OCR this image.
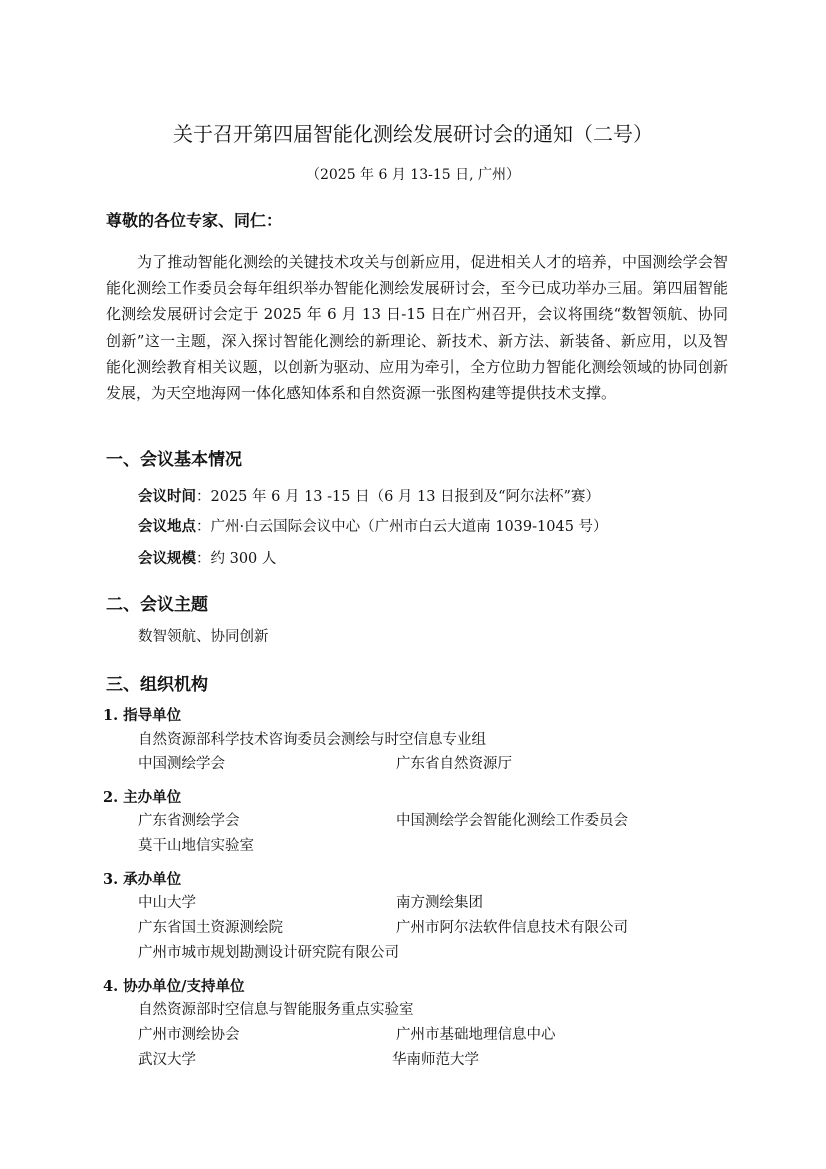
关于召开第四届智能化测绘发展研讨会的通知（二号）
（2025 年 6 月 13-15 日, 广州）
尊敬的各位专家、同仁：
为了推动智能化测绘的关键技术攻关与创新应用，促进相关人才的培养，中国测绘学会智能化测绘工作委员会每年组织举办智能化测绘发展研讨会，至今已成功举办三届。第四届智能化测绘发展研讨会定于 2025 年 6 月 13 日-15 日在广州召开，会议将围绕“数智领航、协同创新”这一主题，深入探讨智能化测绘的新理论、新技术、新方法、新装备、新应用，以及智能化测绘教育相关议题，以创新为驱动、应用为牵引，全方位助力智能化测绘领域的协同创新发展，为天空地海网一体化感知体系和自然资源一张图构建等提供技术支撑。
一、会议基本情况
会议时间：2025 年 6 月 13 -15 日（6 月 13 日报到及“阿尔法杯”赛）
会议地点：广州·白云国际会议中心（广州市白云大道南 1039-1045 号）
会议规模：约 300 人
二、会议主题
数智领航、协同创新
三、组织机构
1. 指导单位
自然资源部科学技术咨询委员会测绘与时空信息专业组
中国测绘学会	广东省自然资源厅
2. 主办单位
广东省测绘学会	中国测绘学会智能化测绘工作委员会
莫干山地信实验室
3. 承办单位
中山大学	南方测绘集团
广东省国土资源测绘院	广州市阿尔法软件信息技术有限公司
广州市城市规划勘测设计研究院有限公司
4. 协办单位/支持单位
自然资源部时空信息与智能服务重点实验室
广州市测绘协会	广州市基础地理信息中心
武汉大学	华南师范大学
